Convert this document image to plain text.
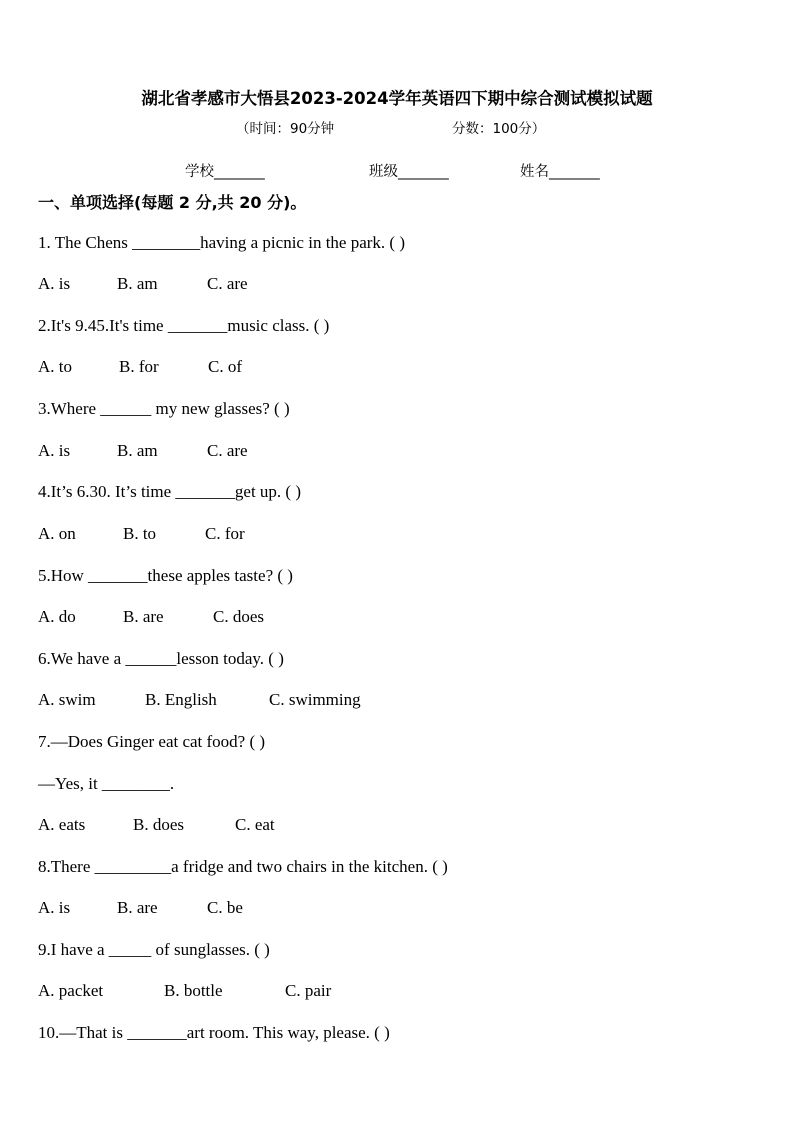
湖北省孝感市大悟县2023-2024学年英语四下期中综合测试模拟试题
（时间：90分钟	分数：100分）
学校_______	班级_______	姓名_______
一、单项选择(每题 2 分,共 20 分)。
1. The Chens ________having a picnic in the park. ( )
A. is	B. am	C. are
2.It's 9.45.It's time _______music class. ( )
A. to	B. for	C. of
3.Where ______ my new glasses? ( )
A. is	B. am	C. are
4.It’s 6.30. It’s time _______get up. ( )
A. on	B. to	C. for
5.How _______these apples taste? ( )
A. do	B. are	C. does
6.We have a ______lesson today. ( )
A. swim	B. English	C. swimming
7.—Does Ginger eat cat food? ( )
—Yes, it ________.
A. eats	B. does	C. eat
8.There _________a fridge and two chairs in the kitchen. ( )
A. is	B. are	C. be
9.I have a _____ of sunglasses. ( )
A. packet	B. bottle	C. pair
10.—That is _______art room. This way, please. ( )
